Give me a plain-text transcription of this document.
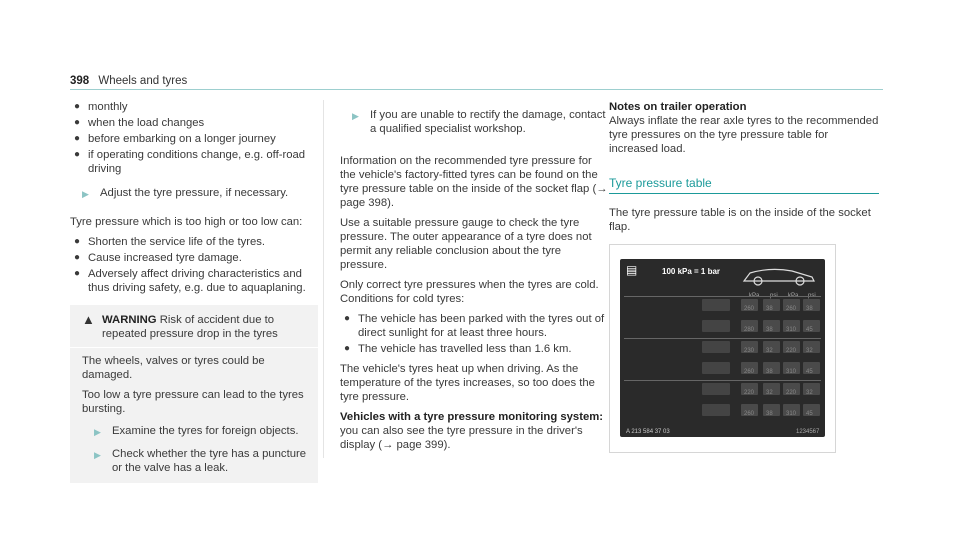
398 Wheels and tyres
● monthly
● when the load changes
● before embarking on a longer journey
● if operating conditions change, e.g. off-road driving
▶ Adjust the tyre pressure, if necessary.

Tyre pressure which is too high or too low can:

● Shorten the service life of the tyres.
● Cause increased tyre damage.
● Adversely affect driving characteristics and thus driving safety, e.g. due to aquaplaning.
▲ WARNING Risk of accident due to repeated pressure drop in the tyres

The wheels, valves or tyres could be damaged.

Too low a tyre pressure can lead to the tyres bursting.

▶ Examine the tyres for foreign objects.
▶ Check whether the tyre has a puncture or the valve has a leak.
▶ If you are unable to rectify the damage, contact a qualified specialist workshop.

Information on the recommended tyre pressure for the vehicle's factory-fitted tyres can be found on the tyre pressure table on the inside of the socket flap (→ page 398).

Use a suitable pressure gauge to check the tyre pressure. The outer appearance of a tyre does not permit any reliable conclusion about the tyre pressure.

Only correct tyre pressures when the tyres are cold. Conditions for cold tyres:

● The vehicle has been parked with the tyres out of direct sunlight for at least three hours.
● The vehicle has travelled less than 1.6 km.

The vehicle's tyres heat up when driving. As the temperature of the tyres increases, so too does the tyre pressure.

Vehicles with a tyre pressure monitoring system:

you can also see the tyre pressure in the driver's display (→ page 399).

Notes on trailer operation

Always inflate the rear axle tyres to the recommended tyre pressures on the tyre pressure table for increased load.

Tyre pressure table

The tyre pressure table is on the inside of the socket flap.

▤	100 kPa = 1 bar
260 38 260 38
280 38 310 45
230 32 220 32
260 38 310 45
220 32 220 32
260 38 310 45
A 213 584 37 03	1234567
